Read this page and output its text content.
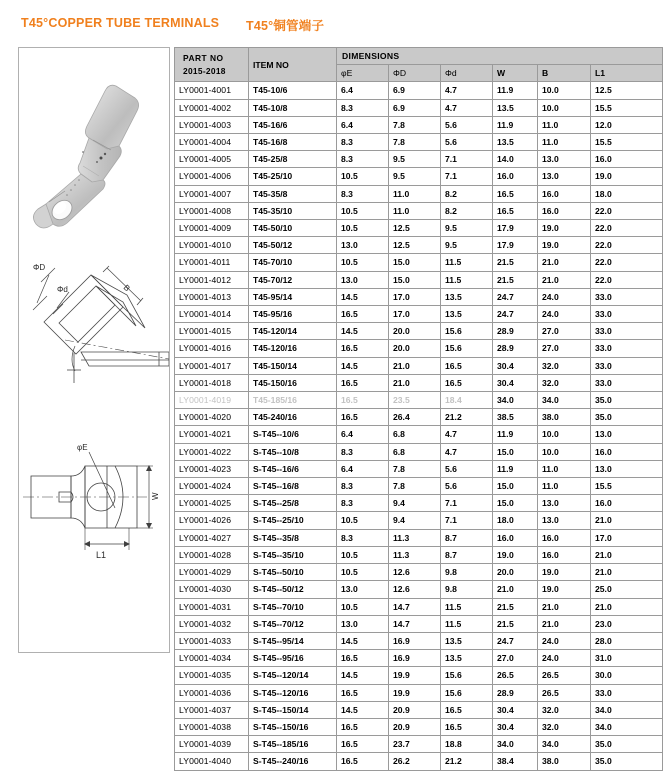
T45°COPPER TUBE TERMINALS T45°铜管端子
ΦD
Φd	B
φE
W
L1
PART NO
2015-2018	ITEM NO	DIMENSIONS					
		φE	ΦD	Φd	W	B	L1
LY0001-4001	T45-10/6	6.4	6.9	4.7	11.9	10.0	12.5
LY0001-4002	T45-10/8	8.3	6.9	4.7	13.5	10.0	15.5
LY0001-4003	T45-16/6	6.4	7.8	5.6	11.9	11.0	12.0
LY0001-4004	T45-16/8	8.3	7.8	5.6	13.5	11.0	15.5
LY0001-4005	T45-25/8	8.3	9.5	7.1	14.0	13.0	16.0
LY0001-4006	T45-25/10	10.5	9.5	7.1	16.0	13.0	19.0
LY0001-4007	T45-35/8	8.3	11.0	8.2	16.5	16.0	18.0
LY0001-4008	T45-35/10	10.5	11.0	8.2	16.5	16.0	22.0
LY0001-4009	T45-50/10	10.5	12.5	9.5	17.9	19.0	22.0
LY0001-4010	T45-50/12	13.0	12.5	9.5	17.9	19.0	22.0
LY0001-4011	T45-70/10	10.5	15.0	11.5	21.5	21.0	22.0
LY0001-4012	T45-70/12	13.0	15.0	11.5	21.5	21.0	22.0
LY0001-4013	T45-95/14	14.5	17.0	13.5	24.7	24.0	33.0
LY0001-4014	T45-95/16	16.5	17.0	13.5	24.7	24.0	33.0
LY0001-4015	T45-120/14	14.5	20.0	15.6	28.9	27.0	33.0
LY0001-4016	T45-120/16	16.5	20.0	15.6	28.9	27.0	33.0
LY0001-4017	T45-150/14	14.5	21.0	16.5	30.4	32.0	33.0
LY0001-4018	T45-150/16	16.5	21.0	16.5	30.4	32.0	33.0
LY0001-4019	T45-185/16	16.5	23.5	18.4	34.0	34.0	35.0
LY0001-4020	T45-240/16	16.5	26.4	21.2	38.5	38.0	35.0
LY0001-4021	S-T45--10/6	6.4	6.8	4.7	11.9	10.0	13.0
LY0001-4022	S-T45--10/8	8.3	6.8	4.7	15.0	10.0	16.0
LY0001-4023	S-T45--16/6	6.4	7.8	5.6	11.9	11.0	13.0
LY0001-4024	S-T45--16/8	8.3	7.8	5.6	15.0	11.0	15.5
LY0001-4025	S-T45--25/8	8.3	9.4	7.1	15.0	13.0	16.0
LY0001-4026	S-T45--25/10	10.5	9.4	7.1	18.0	13.0	21.0
LY0001-4027	S-T45--35/8	8.3	11.3	8.7	16.0	16.0	17.0
LY0001-4028	S-T45--35/10	10.5	11.3	8.7	19.0	16.0	21.0
LY0001-4029	S-T45--50/10	10.5	12.6	9.8	20.0	19.0	21.0
LY0001-4030	S-T45--50/12	13.0	12.6	9.8	21.0	19.0	25.0
LY0001-4031	S-T45--70/10	10.5	14.7	11.5	21.5	21.0	21.0
LY0001-4032	S-T45--70/12	13.0	14.7	11.5	21.5	21.0	23.0
LY0001-4033	S-T45--95/14	14.5	16.9	13.5	24.7	24.0	28.0
LY0001-4034	S-T45--95/16	16.5	16.9	13.5	27.0	24.0	31.0
LY0001-4035	S-T45--120/14	14.5	19.9	15.6	26.5	26.5	30.0
LY0001-4036	S-T45--120/16	16.5	19.9	15.6	28.9	26.5	33.0
LY0001-4037	S-T45--150/14	14.5	20.9	16.5	30.4	32.0	34.0
LY0001-4038	S-T45--150/16	16.5	20.9	16.5	30.4	32.0	34.0
LY0001-4039	S-T45--185/16	16.5	23.7	18.8	34.0	34.0	35.0
LY0001-4040	S-T45--240/16	16.5	26.2	21.2	38.4	38.0	35.0
